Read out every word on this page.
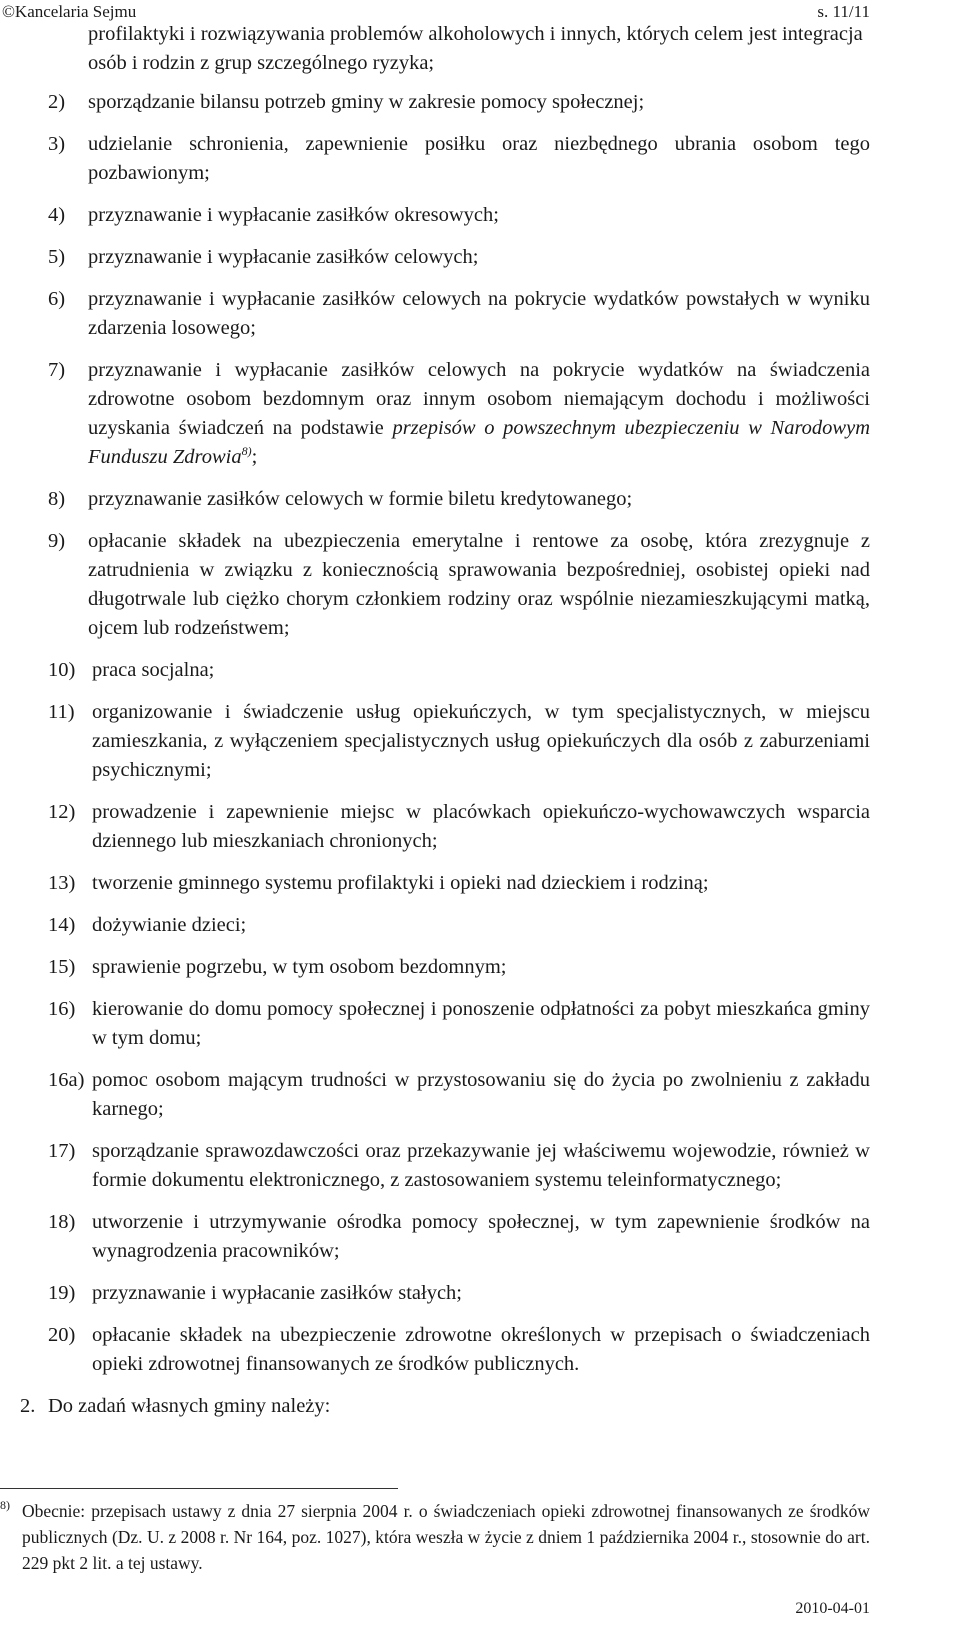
©Kancelaria Sejmu	s. 11/11

profilaktyki i rozwiązywania problemów alkoholowych i innych, których celem jest integracja osób i rodzin z grup szczególnego ryzyka;

2) sporządzanie bilansu potrzeb gminy w zakresie pomocy społecznej;
3) udzielanie schronienia, zapewnienie posiłku oraz niezbędnego ubrania osobom tego pozbawionym;
4) przyznawanie i wypłacanie zasiłków okresowych;
5) przyznawanie i wypłacanie zasiłków celowych;
6) przyznawanie i wypłacanie zasiłków celowych na pokrycie wydatków powstałych w wyniku zdarzenia losowego;
7) przyznawanie i wypłacanie zasiłków celowych na pokrycie wydatków na świadczenia zdrowotne osobom bezdomnym oraz innym osobom niemającym dochodu i możliwości uzyskania świadczeń na podstawie przepisów o powszechnym ubezpieczeniu w Narodowym Funduszu Zdrowia$^{8)}$;
8) przyznawanie zasiłków celowych w formie biletu kredytowanego;
9) opłacanie składek na ubezpieczenia emerytalne i rentowe za osobę, która zrezygnuje z zatrudnienia w związku z koniecznością sprawowania bezpośredniej, osobistej opieki nad długotrwale lub ciężko chorym członkiem rodziny oraz wspólnie niezamieszkującymi matką, ojcem lub rodzeństwem;
10) praca socjalna;
11) organizowanie i świadczenie usług opiekuńczych, w tym specjalistycznych, w miejscu zamieszkania, z wyłączeniem specjalistycznych usług opiekuńczych dla osób z zaburzeniami psychicznymi;
12) prowadzenie i zapewnienie miejsc w placówkach opiekuńczo-wychowawczych wsparcia dziennego lub mieszkaniach chronionych;
13) tworzenie gminnego systemu profilaktyki i opieki nad dzieckiem i rodziną;
14) dożywianie dzieci;
15) sprawienie pogrzebu, w tym osobom bezdomnym;
16) kierowanie do domu pomocy społecznej i ponoszenie odpłatności za pobyt mieszkańca gminy w tym domu;
16a) pomoc osobom mającym trudności w przystosowaniu się do życia po zwolnieniu z zakładu karnego;
17) sporządzanie sprawozdawczości oraz przekazywanie jej właściwemu wojewodzie, również w formie dokumentu elektronicznego, z zastosowaniem systemu teleinformatycznego;
18) utworzenie i utrzymywanie ośrodka pomocy społecznej, w tym zapewnienie środków na wynagrodzenia pracowników;
19) przyznawanie i wypłacanie zasiłków stałych;
20) opłacanie składek na ubezpieczenie zdrowotne określonych w przepisach o świadczeniach opieki zdrowotnej finansowanych ze środków publicznych.
2. Do zadań własnych gminy należy:
8) Obecnie: przepisach ustawy z dnia 27 sierpnia 2004 r. o świadczeniach opieki zdrowotnej finansowanych ze środków publicznych (Dz. U. z 2008 r. Nr 164, poz. 1027), która weszła w życie z dniem 1 października 2004 r., stosownie do art. 229 pkt 2 lit. a tej ustawy.
2010-04-01
